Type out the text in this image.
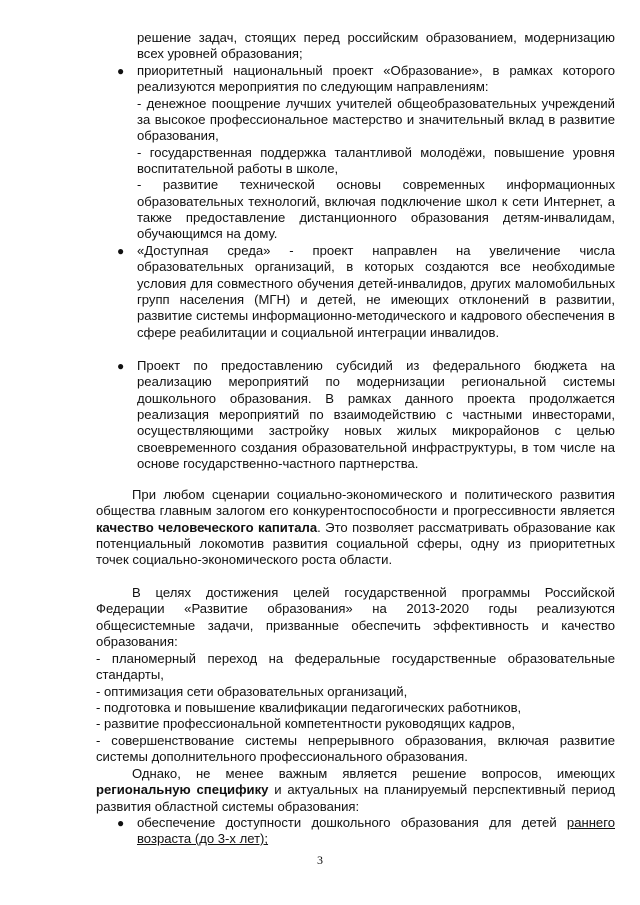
решение задач, стоящих перед российским образованием, модернизацию всех уровней образования;

● приоритетный национальный проект «Образование», в рамках которого реализуются мероприятия по следующим направлениям:

- денежное поощрение лучших учителей общеобразовательных учреждений за высокое профессиональное мастерство и значительный вклад в развитие образования,

- государственная поддержка талантливой молодёжи, повышение уровня воспитательной работы в школе,

- развитие технической основы современных информационных образовательных технологий, включая подключение школ к сети Интернет, а также предоставление дистанционного образования детям-инвалидам, обучающимся на дому.

● «Доступная среда» - проект направлен на увеличение числа образовательных организаций, в которых создаются все необходимые условия для совместного обучения детей-инвалидов, других маломобильных групп населения (МГН) и детей, не имеющих отклонений в развитии, развитие системы информационно-методического и кадрового обеспечения в сфере реабилитации и социальной интеграции инвалидов.

● Проект по предоставлению субсидий из федерального бюджета на реализацию мероприятий по модернизации региональной системы дошкольного образования. В рамках данного проекта продолжается реализация мероприятий по взаимодействию с частными инвесторами, осуществляющими застройку новых жилых микрорайонов с целью своевременного создания образовательной инфраструктуры, в том числе на основе государственно-частного партнерства.

При любом сценарии социально-экономического и политического развития общества главным залогом его конкурентоспособности и прогрессивности является качество человеческого капитала. Это позволяет рассматривать образование как потенциальный локомотив развития социальной сферы, одну из приоритетных точек социально-экономического роста области.

В целях достижения целей государственной программы Российской Федерации «Развитие образования» на 2013-2020 годы реализуются общесистемные задачи, призванные обеспечить эффективность и качество образования:

- планомерный переход на федеральные государственные образовательные стандарты,

- оптимизация сети образовательных организаций,

- подготовка и повышение квалификации педагогических работников,

- развитие профессиональной компетентности руководящих кадров,

- совершенствование системы непрерывного образования, включая развитие системы дополнительного профессионального образования.

Однако, не менее важным является решение вопросов, имеющих региональную специфику и актуальных на планируемый перспективный период развития областной системы образования:

● обеспечение доступности дошкольного образования для детей раннего возраста (до 3-х лет);

3
